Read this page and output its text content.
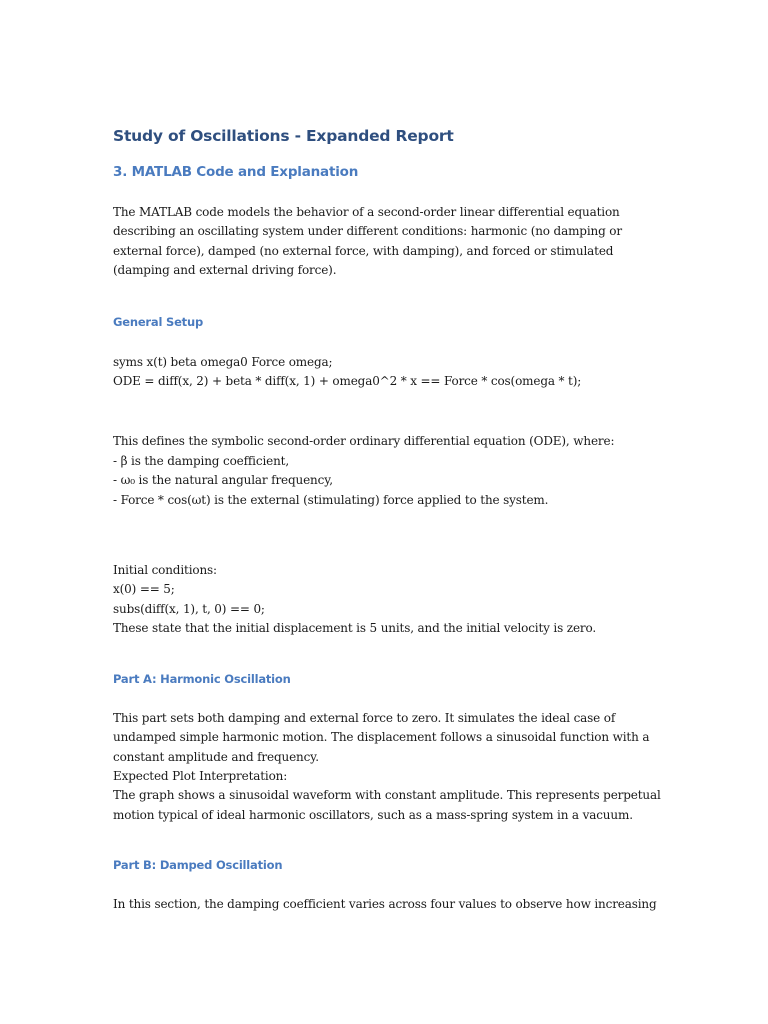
Study of Oscillations - Expanded Report
3. MATLAB Code and Explanation

The MATLAB code models the behavior of a second-order linear differential equation
describing an oscillating system under different conditions: harmonic (no damping or
external force), damped (no external force, with damping), and forced or stimulated
(damping and external driving force).

General Setup

syms x(t) beta omega0 Force omega;
ODE = diff(x, 2) + beta * diff(x, 1) + omega0^2 * x == Force * cos(omega * t);

This defines the symbolic second-order ordinary differential equation (ODE), where:
- β is the damping coefficient,
- ω₀ is the natural angular frequency,
- Force * cos(ωt) is the external (stimulating) force applied to the system.

Initial conditions:
x(0) == 5;
subs(diff(x, 1), t, 0) == 0;
These state that the initial displacement is 5 units, and the initial velocity is zero.

Part A: Harmonic Oscillation

This part sets both damping and external force to zero. It simulates the ideal case of
undamped simple harmonic motion. The displacement follows a sinusoidal function with a
constant amplitude and frequency.
Expected Plot Interpretation:
The graph shows a sinusoidal waveform with constant amplitude. This represents perpetual
motion typical of ideal harmonic oscillators, such as a mass-spring system in a vacuum.

Part B: Damped Oscillation

In this section, the damping coefficient varies across four values to observe how increasing
